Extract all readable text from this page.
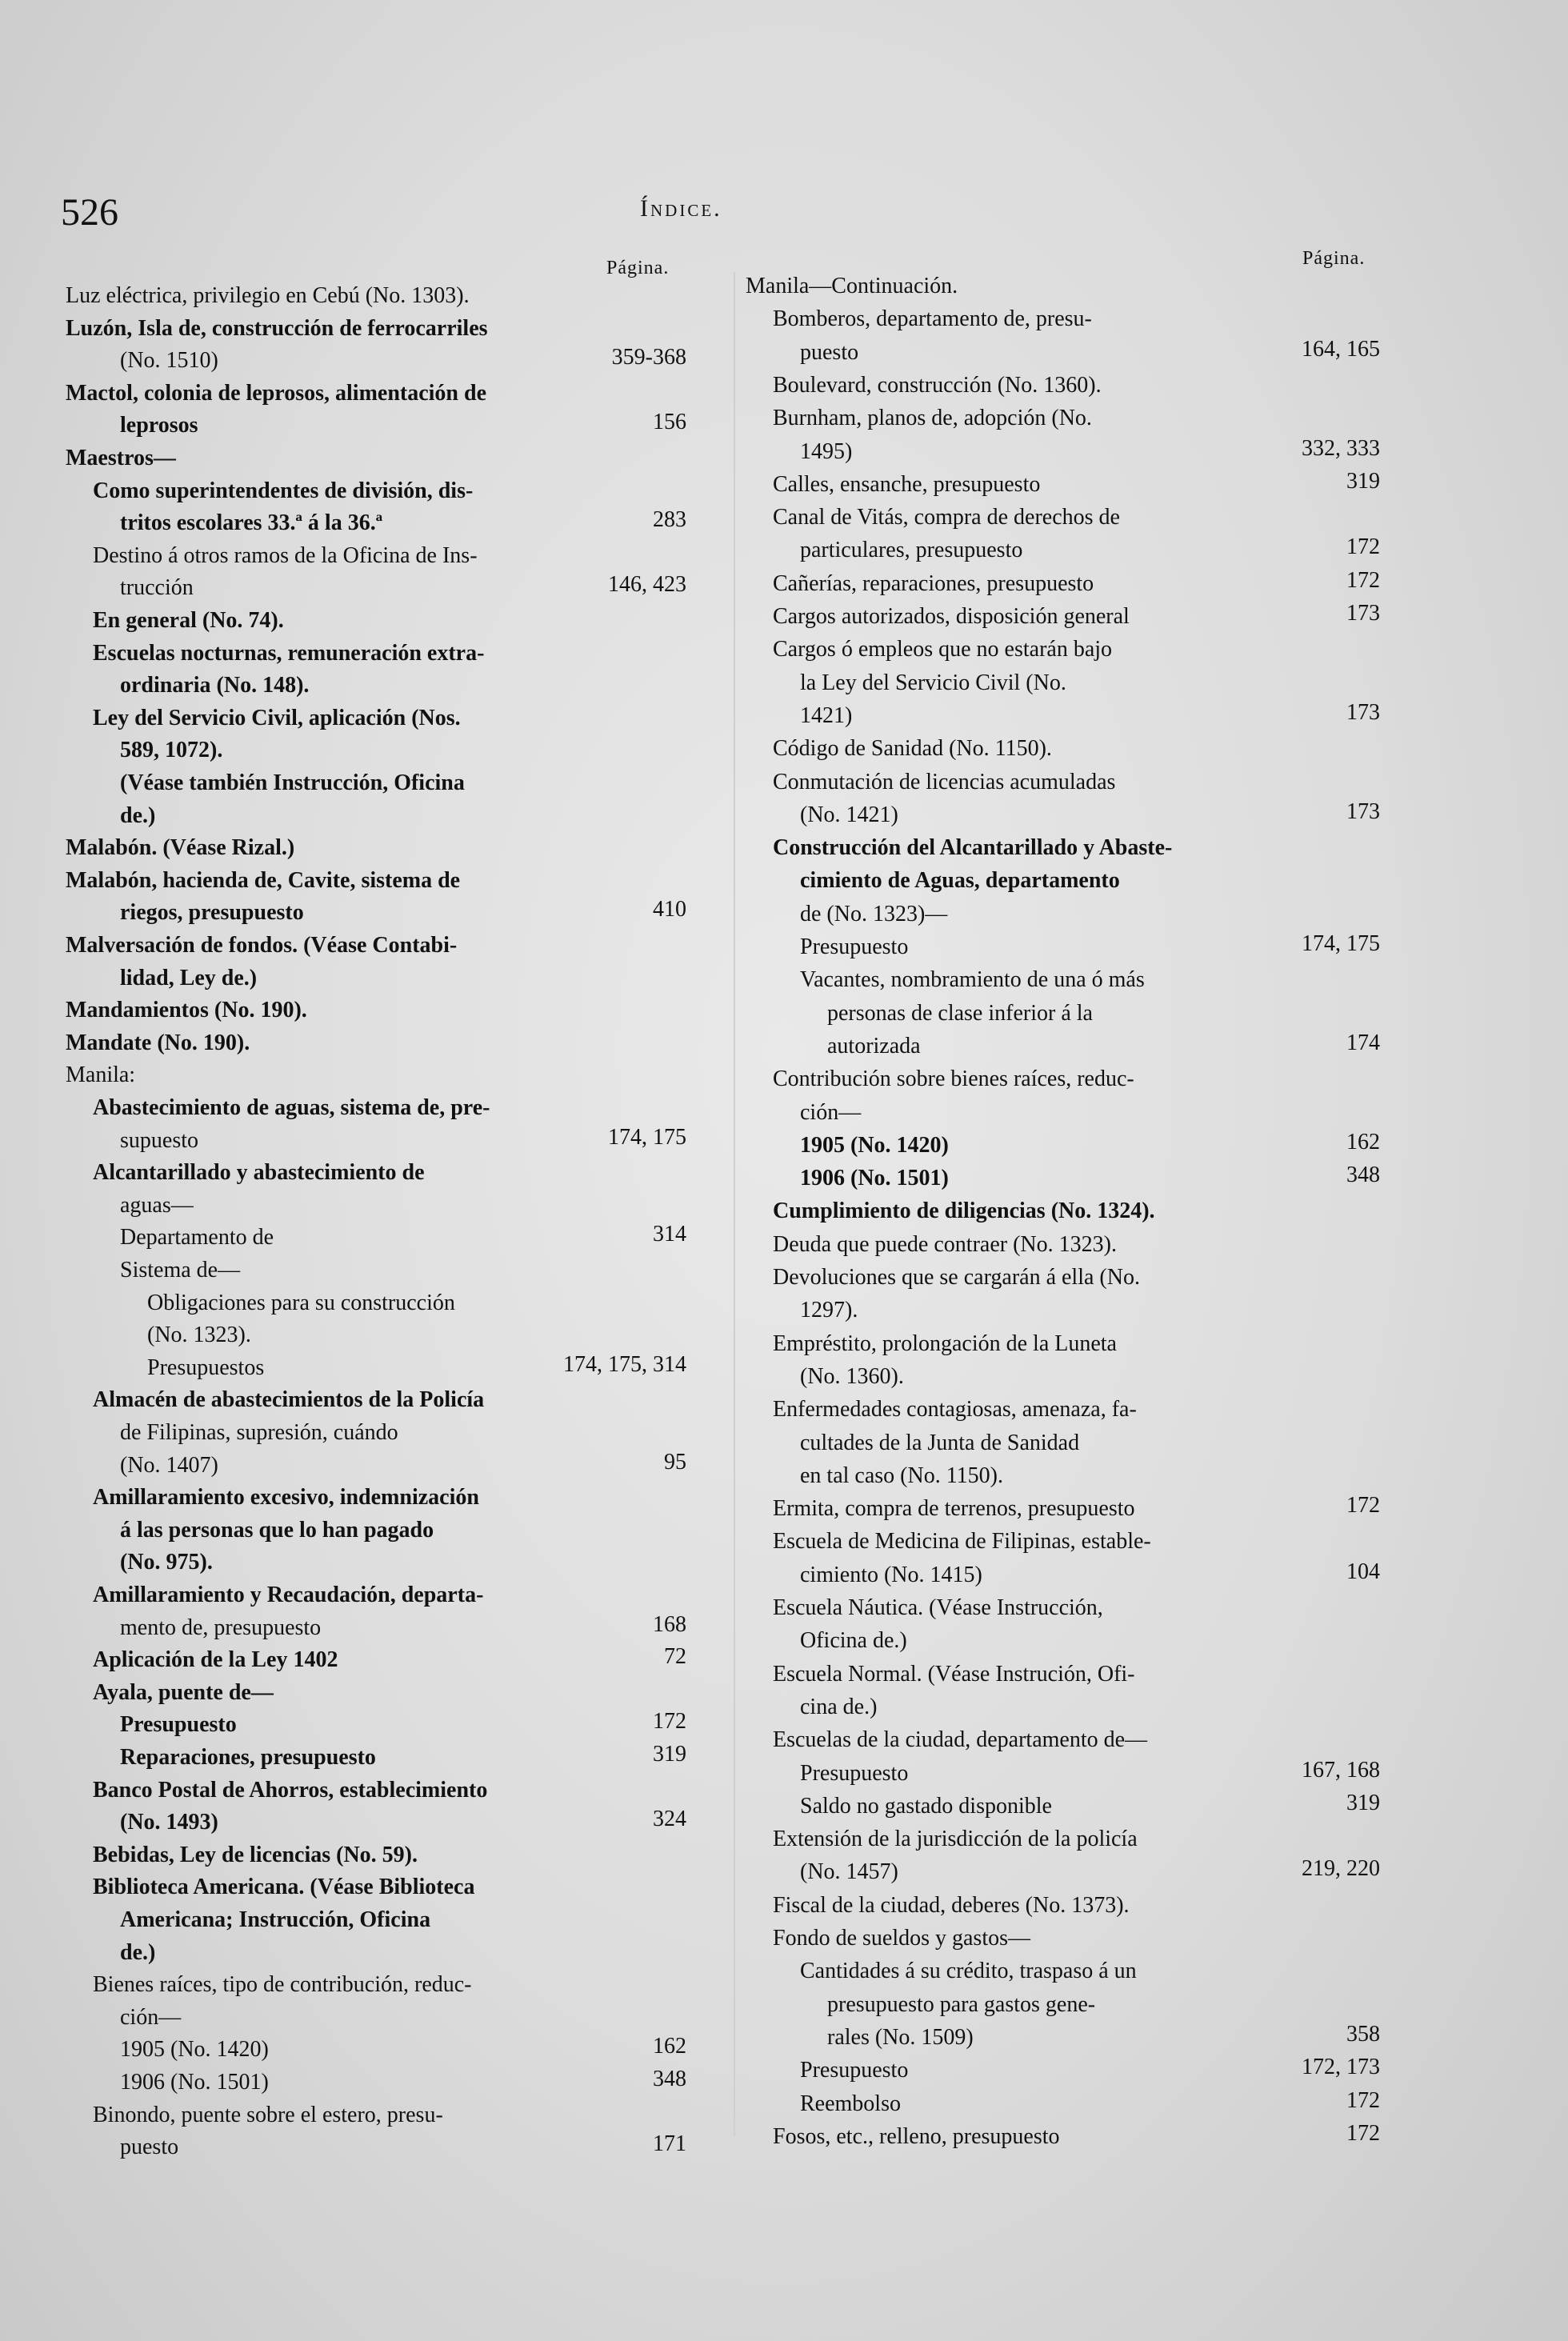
526	Índice.
Página.	Página.
Luz eléctrica, privilegio en Cebú (No. 1303).
Luzón, Isla de, construcción de ferrocarriles
(No. 1510)	359-368
Mactol, colonia de leprosos, alimentación de
leprosos	156
Maestros—
Como superintendentes de división, dis-
tritos escolares 33.ª á la 36.ª	283
Destino á otros ramos de la Oficina de Ins-
trucción	146, 423
En general (No. 74).
Escuelas nocturnas, remuneración extra-
ordinaria (No. 148).
Ley del Servicio Civil, aplicación (Nos.
589, 1072).
(Véase también Instrucción, Oficina
de.)
Malabón. (Véase Rizal.)
Malabón, hacienda de, Cavite, sistema de
riegos, presupuesto	410
Malversación de fondos. (Véase Contabi-
lidad, Ley de.)
Mandamientos (No. 190).
Mandate (No. 190).
Manila:
Abastecimiento de aguas, sistema de, pre-
supuesto	174, 175
Alcantarillado y abastecimiento de
aguas—
Departamento de	314
Sistema de—
Obligaciones para su construcción
(No. 1323).
Presupuestos	174, 175, 314
Almacén de abastecimientos de la Policía
de Filipinas, supresión, cuándo
(No. 1407)	95
Amillaramiento excesivo, indemnización
á las personas que lo han pagado
(No. 975).
Amillaramiento y Recaudación, departa-
mento de, presupuesto	168
Aplicación de la Ley 1402	72
Ayala, puente de—
Presupuesto	172
Reparaciones, presupuesto	319
Banco Postal de Ahorros, establecimiento
(No. 1493)	324
Bebidas, Ley de licencias (No. 59).
Biblioteca Americana. (Véase Biblioteca
Americana; Instrucción, Oficina
de.)
Bienes raíces, tipo de contribución, reduc-
ción—
1905 (No. 1420)	162
1906 (No. 1501)	348
Binondo, puente sobre el estero, presu-
puesto	171
Manila—Continuación.
Bomberos, departamento de, presu-
puesto	164, 165
Boulevard, construcción (No. 1360).
Burnham, planos de, adopción (No.
1495)	332, 333
Calles, ensanche, presupuesto	319
Canal de Vitás, compra de derechos de
particulares, presupuesto	172
Cañerías, reparaciones, presupuesto	172
Cargos autorizados, disposición general	173
Cargos ó empleos que no estarán bajo
la Ley del Servicio Civil (No.
1421)	173
Código de Sanidad (No. 1150).
Conmutación de licencias acumuladas
(No. 1421)	173
Construcción del Alcantarillado y Abaste-
cimiento de Aguas, departamento
de (No. 1323)—
Presupuesto	174, 175
Vacantes, nombramiento de una ó más
personas de clase inferior á la
autorizada	174
Contribución sobre bienes raíces, reduc-
ción—
1905 (No. 1420)	162
1906 (No. 1501)	348
Cumplimiento de diligencias (No. 1324).
Deuda que puede contraer (No. 1323).
Devoluciones que se cargarán á ella (No.
1297).
Empréstito, prolongación de la Luneta
(No. 1360).
Enfermedades contagiosas, amenaza, fa-
cultades de la Junta de Sanidad
en tal caso (No. 1150).
Ermita, compra de terrenos, presupuesto	172
Escuela de Medicina de Filipinas, estable-
cimiento (No. 1415)	104
Escuela Náutica. (Véase Instrucción,
Oficina de.)
Escuela Normal. (Véase Instrución, Ofi-
cina de.)
Escuelas de la ciudad, departamento de—
Presupuesto	167, 168
Saldo no gastado disponible	319
Extensión de la jurisdicción de la policía
(No. 1457)	219, 220
Fiscal de la ciudad, deberes (No. 1373).
Fondo de sueldos y gastos—
Cantidades á su crédito, traspaso á un
presupuesto para gastos gene-
rales (No. 1509)	358
Presupuesto	172, 173
Reembolso	172
Fosos, etc., relleno, presupuesto	172
